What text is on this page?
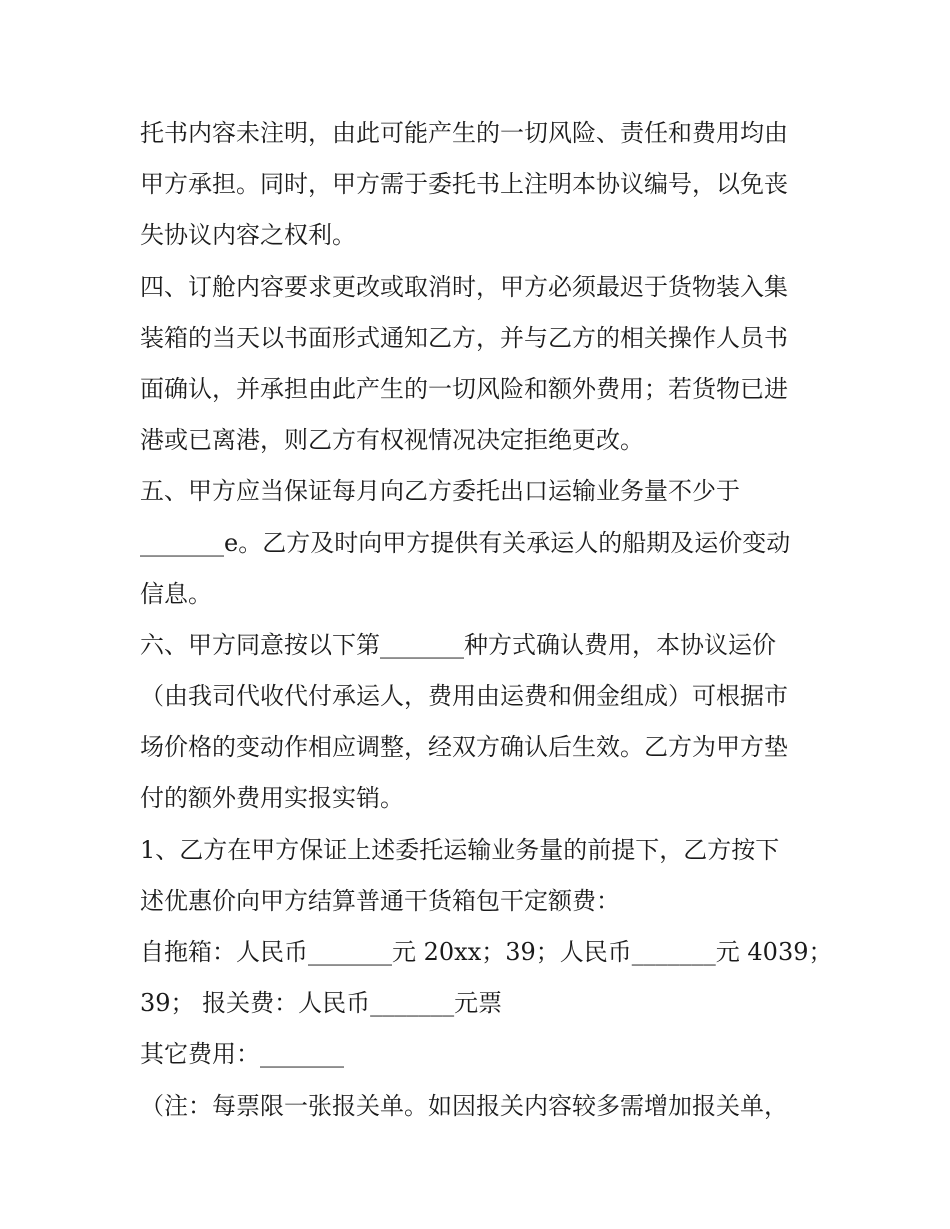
托书内容未注明，由此可能产生的一切风险、责任和费用均由
甲方承担。同时，甲方需于委托书上注明本协议编号，以免丧
失协议内容之权利。
四、订舱内容要求更改或取消时，甲方必须最迟于货物装入集
装箱的当天以书面形式通知乙方，并与乙方的相关操作人员书
面确认，并承担由此产生的一切风险和额外费用；若货物已进
港或已离港，则乙方有权视情况决定拒绝更改。
五、甲方应当保证每月向乙方委托出口运输业务量不少于
_______e。乙方及时向甲方提供有关承运人的船期及运价变动
信息。
六、甲方同意按以下第_______种方式确认费用，本协议运价
（由我司代收代付承运人，费用由运费和佣金组成）可根据市
场价格的变动作相应调整，经双方确认后生效。乙方为甲方垫
付的额外费用实报实销。
1、乙方在甲方保证上述委托运输业务量的前提下，乙方按下
述优惠价向甲方结算普通干货箱包干定额费：
自拖箱：人民币_______元 20xx；39；人民币_______元 4039；
39； 报关费：人民币_______元票
其它费用：_______
（注：每票限一张报关单。如因报关内容较多需增加报关单，
